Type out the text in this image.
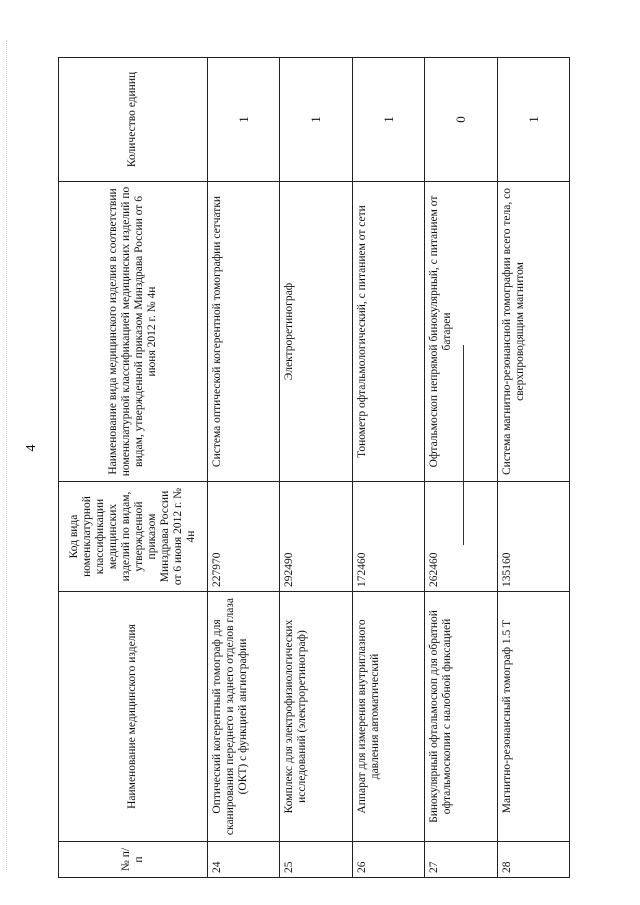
4
№ п/п	Наименование медицинского изделия	Код вида номенклатурной классификации медицинских изделий по видам, утвержденной приказом Минздрава России от 6 июня 2012 г. № 4н	Наименование вида медицинского изделия в соответствии номенклатурной классификацией медицинских изделий по видам, утвержденной приказом Минздрава России от 6 июня 2012 г. № 4н	Количество единиц
24	Оптический когерентный томограф для сканирования переднего и заднего отделов глаза (ОКТ) с функцией ангиографии	227970	Система оптической когерентной томографии сетчатки	1
25	Комплекс для электрофизиологических исследований (электроретинограф)	292490	Электроретинограф	1
26	Аппарат для измерения внутриглазного давления автоматический	172460	Тонометр офтальмологический, с питанием от сети	1
27	Бинокулярный офтальмоскоп для обратной офтальмоскопии с налобной фиксацией	262460	Офтальмоскоп непрямой бинокулярный, с питанием от батареи	0
28	Магнитно-резонансный томограф 1.5 Т	135160	Система магнитно-резонансной томографии всего тела, со сверхпроводящим магнитом	1
